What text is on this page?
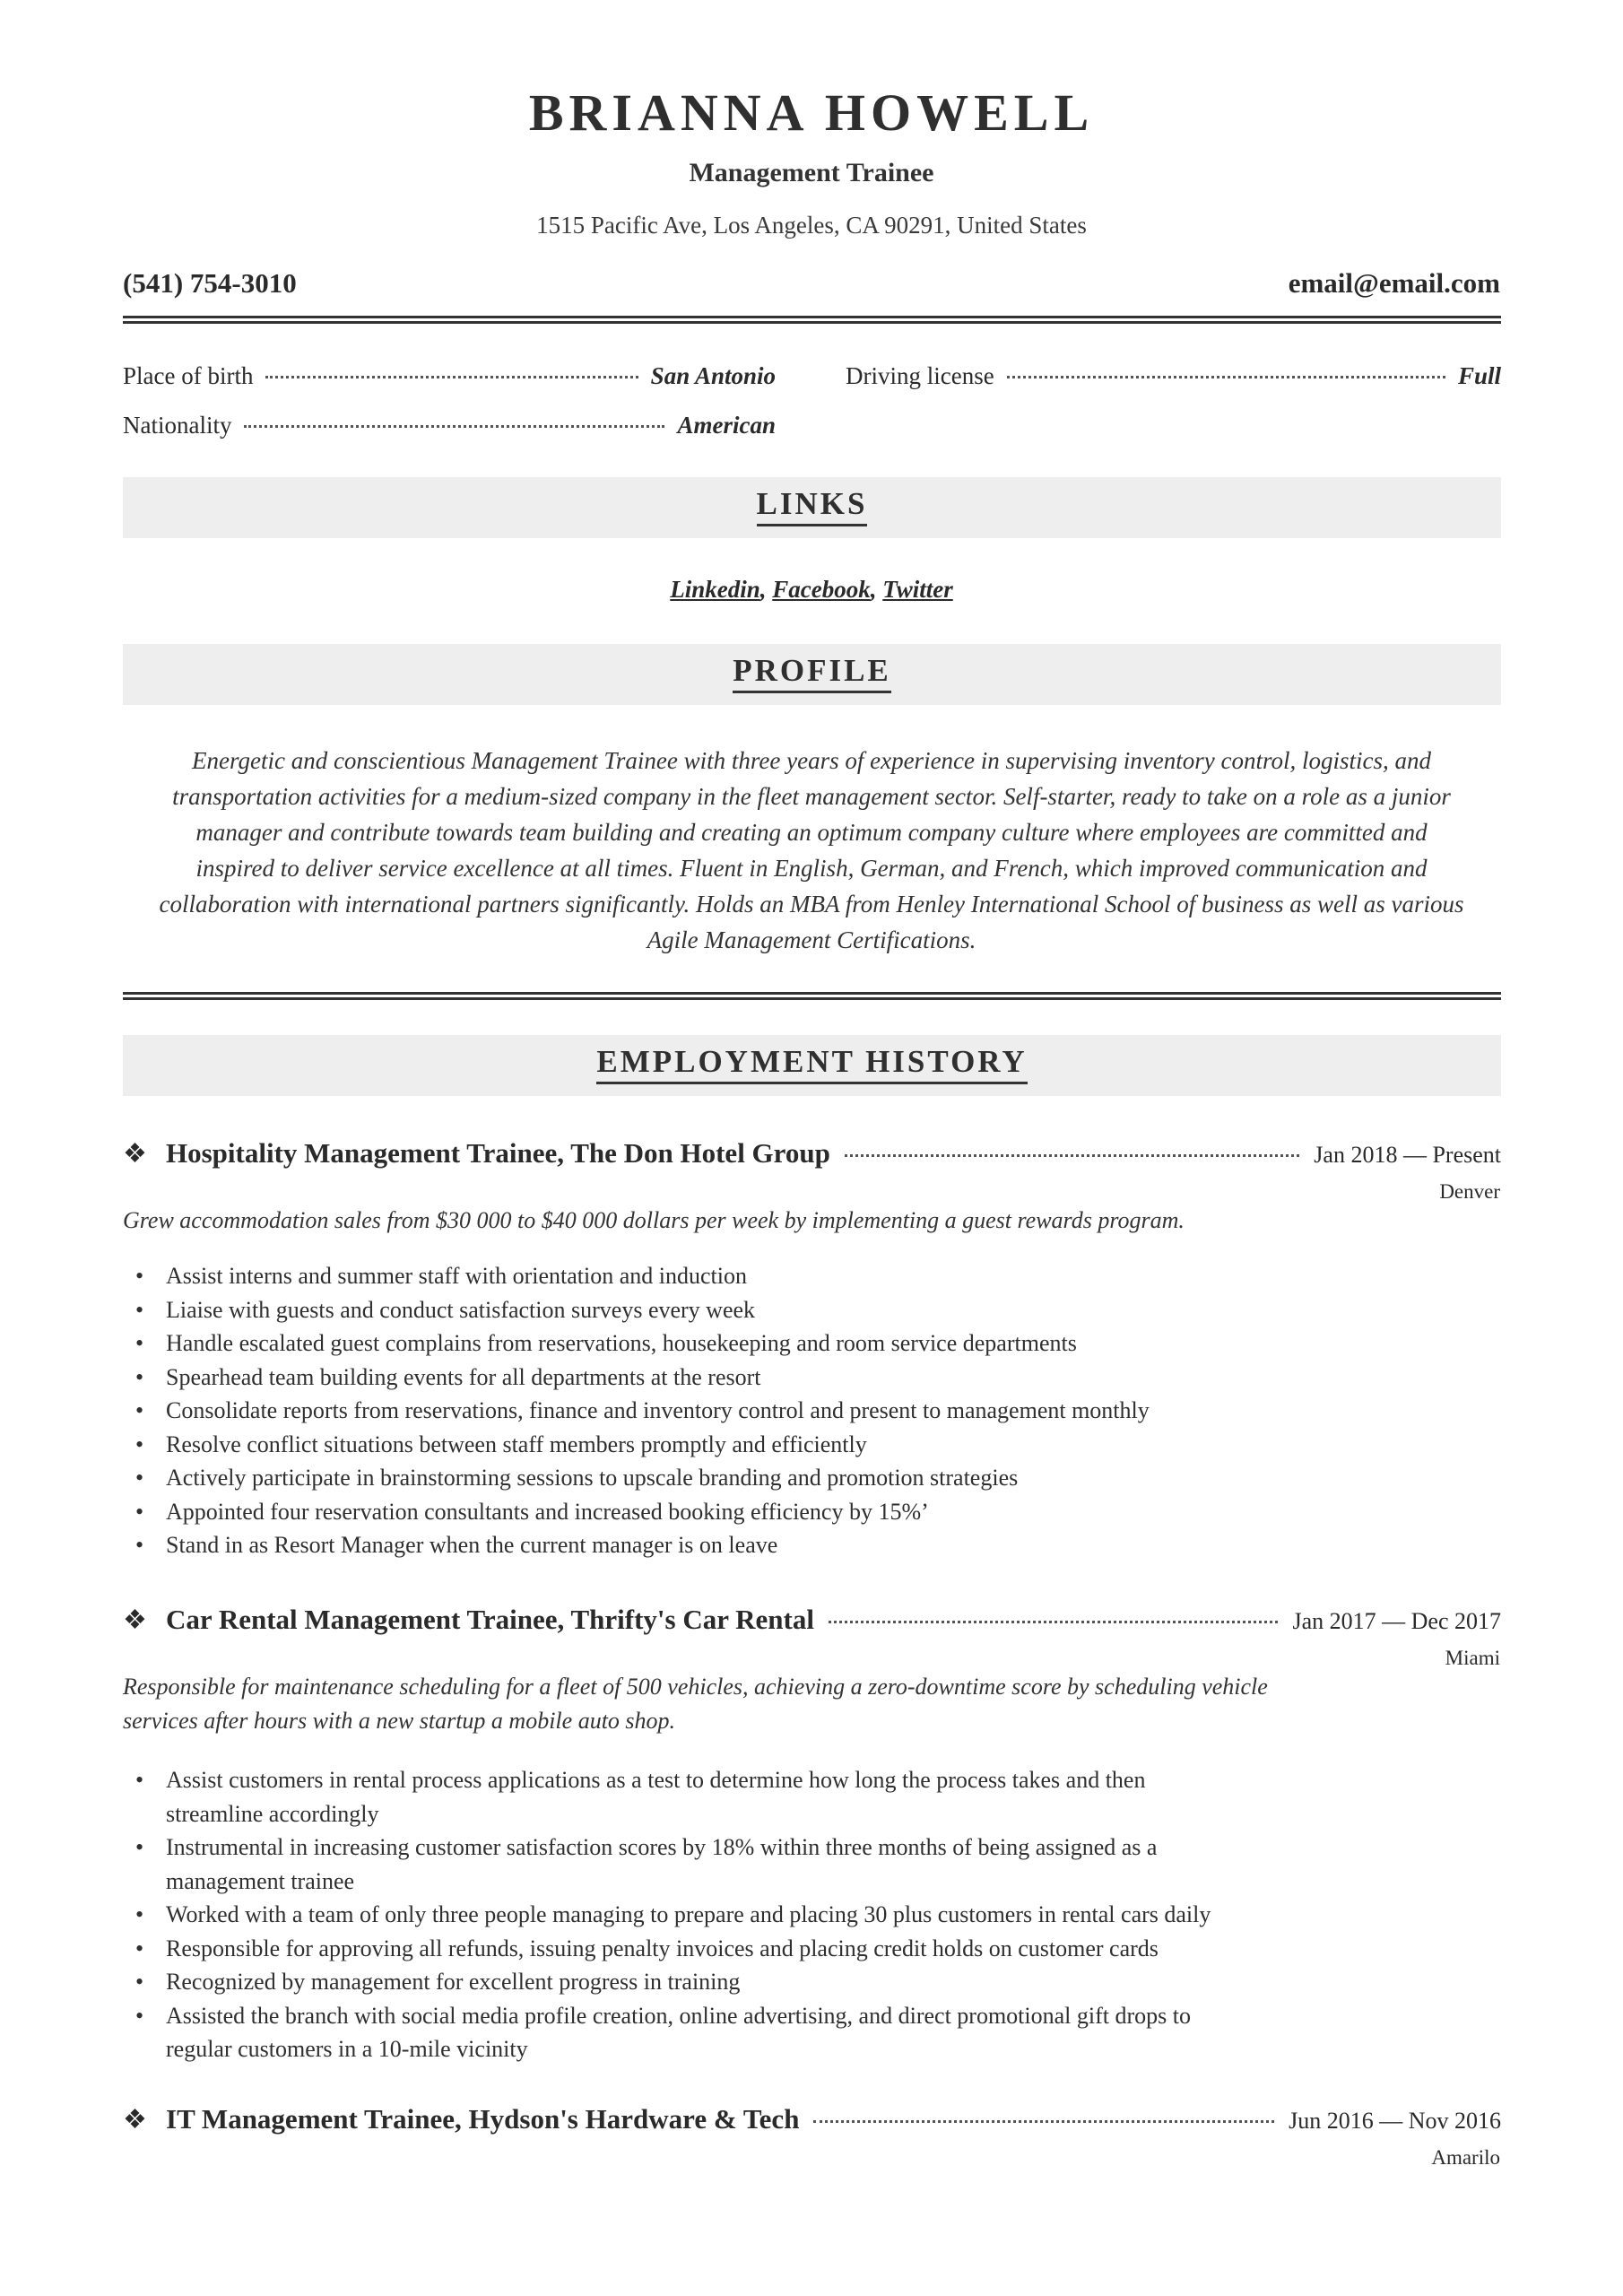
BRIANNA HOWELL
Management Trainee
1515 Pacific Ave, Los Angeles, CA 90291, United States
(541) 754-3010	email@email.com
Place of birth	San Antonio	Driving license	Full
Nationality	American
LINKS
Linkedin, Facebook, Twitter
PROFILE

Energetic and conscientious Management Trainee with three years of experience in supervising inventory control, logistics, and transportation activities for a medium-sized company in the fleet management sector. Self-starter, ready to take on a role as a junior manager and contribute towards team building and creating an optimum company culture where employees are committed and inspired to deliver service excellence at all times. Fluent in English, German, and French, which improved communication and collaboration with international partners significantly. Holds an MBA from Henley International School of business as well as various Agile Management Certifications.

EMPLOYMENT HISTORY
❖ Hospitality Management Trainee, The Don Hotel Group	Jan 2018 — Present
Denver

Grew accommodation sales from $30 000 to $40 000 dollars per week by implementing a guest rewards program.

• Assist interns and summer staff with orientation and induction
• Liaise with guests and conduct satisfaction surveys every week
• Handle escalated guest complains from reservations, housekeeping and room service departments
• Spearhead team building events for all departments at the resort
• Consolidate reports from reservations, finance and inventory control and present to management monthly
• Resolve conflict situations between staff members promptly and efficiently
• Actively participate in brainstorming sessions to upscale branding and promotion strategies
• Appointed four reservation consultants and increased booking efficiency by 15%’
• Stand in as Resort Manager when the current manager is on leave
❖ Car Rental Management Trainee, Thrifty's Car Rental	Jan 2017 — Dec 2017
Miami

Responsible for maintenance scheduling for a fleet of 500 vehicles, achieving a zero-downtime score by scheduling vehicle services after hours with a new startup a mobile auto shop.

• Assist customers in rental process applications as a test to determine how long the process takes and then streamline accordingly
• Instrumental in increasing customer satisfaction scores by 18% within three months of being assigned as a management trainee
• Worked with a team of only three people managing to prepare and placing 30 plus customers in rental cars daily
• Responsible for approving all refunds, issuing penalty invoices and placing credit holds on customer cards
• Recognized by management for excellent progress in training
• Assisted the branch with social media profile creation, online advertising, and direct promotional gift drops to regular customers in a 10-mile vicinity
❖ IT Management Trainee, Hydson's Hardware & Tech	Jun 2016 — Nov 2016
Amarilo
